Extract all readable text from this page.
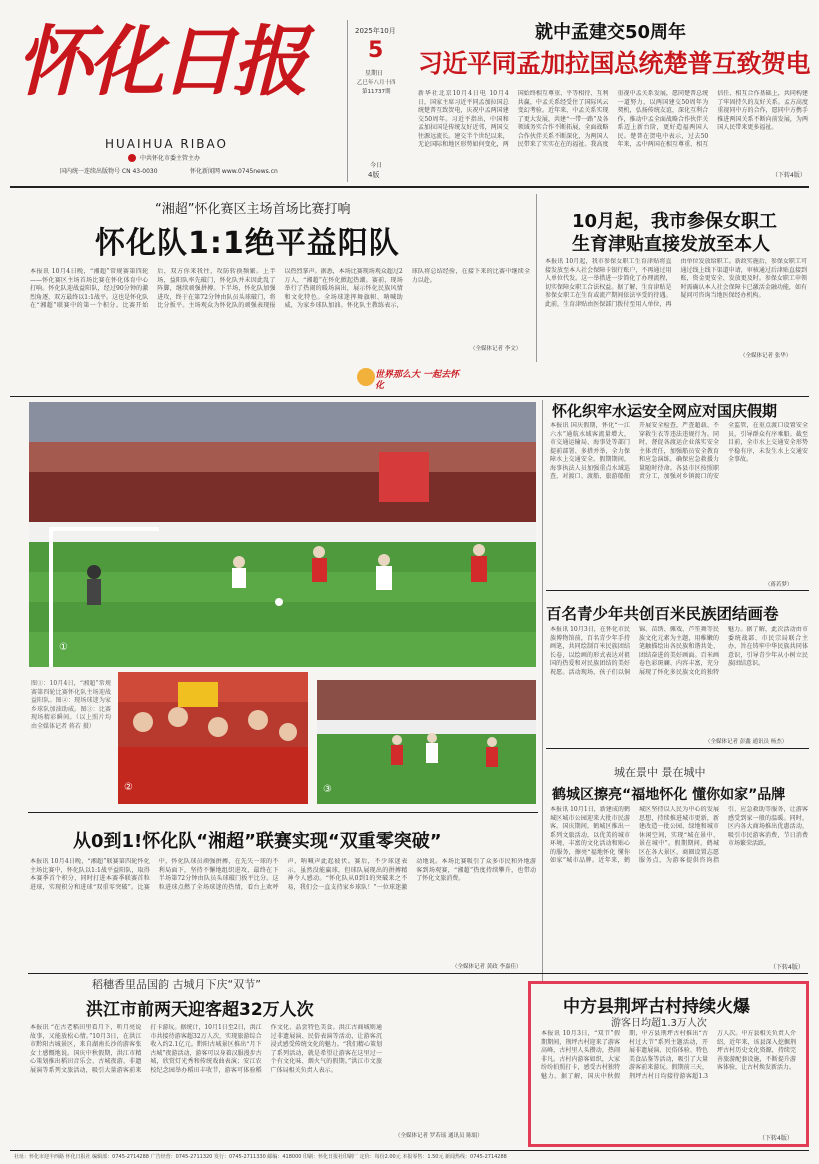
怀化日报
HUAIHUA RIBAO
中共怀化市委主管主办
国内统一连续出版物号 CN 43-0030	怀化新闻网 www.0745news.cn
2025年10月
5
星期日
乙巳年八月十四
第11737期
今日
4版
就中孟建交50周年
习近平同孟加拉国总统楚普互致贺电
新华社北京10月4日电 10月4日，国家主席习近平同孟加拉国总统楚普互致贺电，庆祝中孟两国建交50周年。习近平指出，中国和孟加拉国是传统友好近邻，两国交往源远流长。建交半个世纪以来，无论国际和地区形势如何变化，两国始终相互尊重、平等相待、互利共赢，中孟关系经受住了国际风云变幻考验。近年来，中孟关系实现了更大发展，共建“一带一路”及各领域务实合作不断拓展，全面战略合作伙伴关系不断深化，为两国人民带来了实实在在的福祉。我高度重视中孟关系发展，愿同楚普总统一道努力，以两国建交50周年为契机，弘扬传统友谊，深化互利合作，推动中孟全面战略合作伙伴关系迈上新台阶，更好造福两国人民。楚普在贺电中表示，过去50年来，孟中两国在相互尊重、相互信任、相互合作基础上，共同构建了牢固持久的友好关系。孟方高度重视同中方的合作，愿同中方携手推进两国关系不断向前发展，为两国人民带来更多福祉。
（下转4版）
“湘超”怀化赛区主场首场比赛打响
怀化队1:1绝平益阳队
本报讯 10月4日晚，“湘超”常规赛第四轮——怀化赛区主场首场比赛在怀化体育中心打响。怀化队迎战益阳队，经过90分钟的激烈角逐，双方最终以1:1战平。这也是怀化队在“湘超”联赛中的第一个积分。比赛开始后，双方你来我往，攻防转换频繁。上半场，益阳队率先破门，怀化队并未因此乱了阵脚，继续顽强拼搏。下半场，怀化队加强进攻，终于在第72分钟由队员头球破门，将比分扳平。主场观众为怀化队的顽强表现报以热烈掌声。据悉，本场比赛现场观众超过2万人，“湘超”在怀化掀起热潮。赛前，现场举行了热闹的暖场演出，展示怀化民族风情和文化特色。全场球迷挥舞旗帜、呐喊助威，为家乡球队加油。怀化队主教练表示，球队将总结经验，在接下来的比赛中继续全力以赴。
（全媒体记者 李文）
10月起，我市参保女职工
生育津贴直接发放至本人
本报讯 10月起，我市参保女职工生育津贴将直接发放至本人社会保障卡银行账户，不再通过用人单位代发。这一举措进一步简化了办理流程，切实保障女职工合法权益。据了解，生育津贴是参保女职工在生育或流产期间依法享受的待遇。此前，生育津贴由医保部门拨付至用人单位，再由单位发放给职工。新政实施后，参保女职工可通过线上线下渠道申请，审核通过后津贴直接到账，资金更安全、发放更及时。参保女职工申领时需确认本人社会保障卡已激活金融功能，如有疑问可咨询当地医保经办机构。
（全媒体记者 张华）
世界那么大 一起去怀化
①
图①：10月4日，“湘超”常规赛第四轮比赛怀化队主场迎战益阳队。图②：现场球迷为家乡球队加油助威。图③：比赛现场精彩瞬间。（以上照片均由全媒体记者 蒋若 摄）
②	③
怀化织牢水运安全网应对国庆假期
本报讯 国庆假期，怀化“一江六水”通航水域客流量增大，市交通运输局、海事处等部门提前部署、多措并举，全力保障水上交通安全。假期期间，海事执法人员加强重点水域巡查，对渡口、渡船、旅游船舶开展安全检查，严查超载、不穿救生衣等违法违规行为。同时，督促各渡运企业落实安全主体责任，加强船员安全教育和应急演练，确保应急救援力量随时待命。各县市区按照职责分工，加强对乡镇渡口的安全监管，在重点渡口设置安全员，引导群众有序乘船。截至目前，全市水上交通安全形势平稳有序，未发生水上交通安全事故。
（蒋若梦）
百名青少年共创百米民族团结画卷
本报讯 10月3日，在怀化市民族博物馆前，百名青少年手持画笔，共同绘制百米民族团结长卷，以绘画的形式表达对祖国的热爱和对民族团结的美好祝愿。活动现场，孩子们以侗锦、苗绣、傩戏、芦笙舞等民族文化元素为主题，用稚嫩的笔触描绘出各民族和谐共处、团结奋进的美好画面。百米画卷色彩斑斓、内容丰富，充分展现了怀化多民族文化的独特魅力。据了解，此次活动由市委统战部、市民宗局联合主办，旨在铸牢中华民族共同体意识，引导青少年从小树立民族团结意识。
（全媒体记者 彭鑫 通讯员 杨杰）
城在景中 景在城中
鹤城区擦亮“福地怀化 懂你如家”品牌
本报讯 10月1日，新建成的鹤城区城市公园迎来大批市民游客。国庆期间，鹤城区推出一系列文旅活动，以优美的城市环境、丰富的文化活动和贴心的服务，擦亮“福地怀化 懂你如家”城市品牌。近年来，鹤城区坚持以人民为中心的发展思想，持续推进城市更新，新建改造一批公园、绿地和城市休闲空间，实现“城在景中、景在城中”。假期期间，鹤城区在各大景区、商圈设置志愿服务点，为游客提供咨询指引、应急救助等服务，让游客感受到家一般的温暖。同时，区内各大商场推出优惠活动，吸引市民游客消费，节日消费市场繁荣活跃。
（下转4版）
从0到1!怀化队“湘超”联赛实现“双重零突破”
本报讯 10月4日晚，“湘超”联赛第四轮怀化主场比赛中，怀化队以1:1战平益阳队，取得本赛季首个积分，同时打进本赛季联赛首粒进球，实现积分和进球“双重零突破”。比赛中，怀化队球员顽强拼搏，在先失一球的不利局面下，坚持不懈地组织进攻，最终在下半场第72分钟由队员头球破门扳平比分。这粒进球点燃了全场球迷的热情，看台上欢呼声、呐喊声此起彼伏。赛后，不少球迷表示，虽然没能赢球，但球队展现出的拼搏精神令人感动。“怀化队从0到1的突破来之不易，我们会一直支持家乡球队！”一位球迷激动地说。本场比赛吸引了众多市民和外地游客到场观赛，“湘超”热度持续攀升，也带动了怀化文旅消费。
（全媒体记者 黄政 李嘉佳）
稻穗香里品国韵 古城月下庆“双节”
洪江市前两天迎客超32万人次
本报讯 “在古老稻田里看月下，听月亮说故事，又能放松心情。”10月3日，在洪江市黔阳古城景区，来自湖南长沙的游客张女士感慨地说。国庆中秋假期，洪江市精心策划推出稻田音乐会、古城夜游、非遗展演等系列文旅活动，吸引大量游客前来打卡游玩。据统计，10月1日至2日，洪江市共接待游客超32万人次，实现旅游综合收入约2.1亿元。黔阳古城景区推出“月下古城”夜游活动，游客可以身着汉服漫步古城，欣赏灯光秀和传统戏曲表演；安江农校纪念园举办稻田丰收节，游客可体验稻作文化、品尝特色美食。洪江古商城则通过非遗展演、民俗表演等活动，让游客沉浸式感受传统文化的魅力。“我们精心策划了系列活动，就是希望让游客在这里过一个有文化味、烟火气的假期。”洪江市文旅广体局相关负责人表示。
（全媒体记者 罗若瑶 通讯员 陈娟）
中方县荆坪古村持续火爆
游客日均超1.3万人次
本报讯 10月3日，“双节”假期期间，荆坪古村迎来了游客高峰，古村里人头攒动，热闹非凡。古村内游客如织，大家纷纷拍照打卡，感受古村独特魅力。据了解，国庆中秋假期，中方县荆坪古村推出“古村过大节”系列主题活动，开展非遗展演、民俗体验、特色美食品鉴等活动，吸引了大量游客前来游玩。假期前三天，荆坪古村日均接待游客超1.3万人次。中方县相关负责人介绍，近年来，该县深入挖掘荆坪古村历史文化资源，持续完善旅游配套设施，不断提升游客体验，让古村焕发新活力。
（下转4版）
社址：怀化市迎丰西路 怀化日报社 编辑部：0745-2714288 广告经营：0745-2711320 发行：0745-2711330 邮编：418000 印刷：怀化日报社印刷厂 定价：每份2.00元 本报零售：1.50元 新闻热线：0745-2714288
